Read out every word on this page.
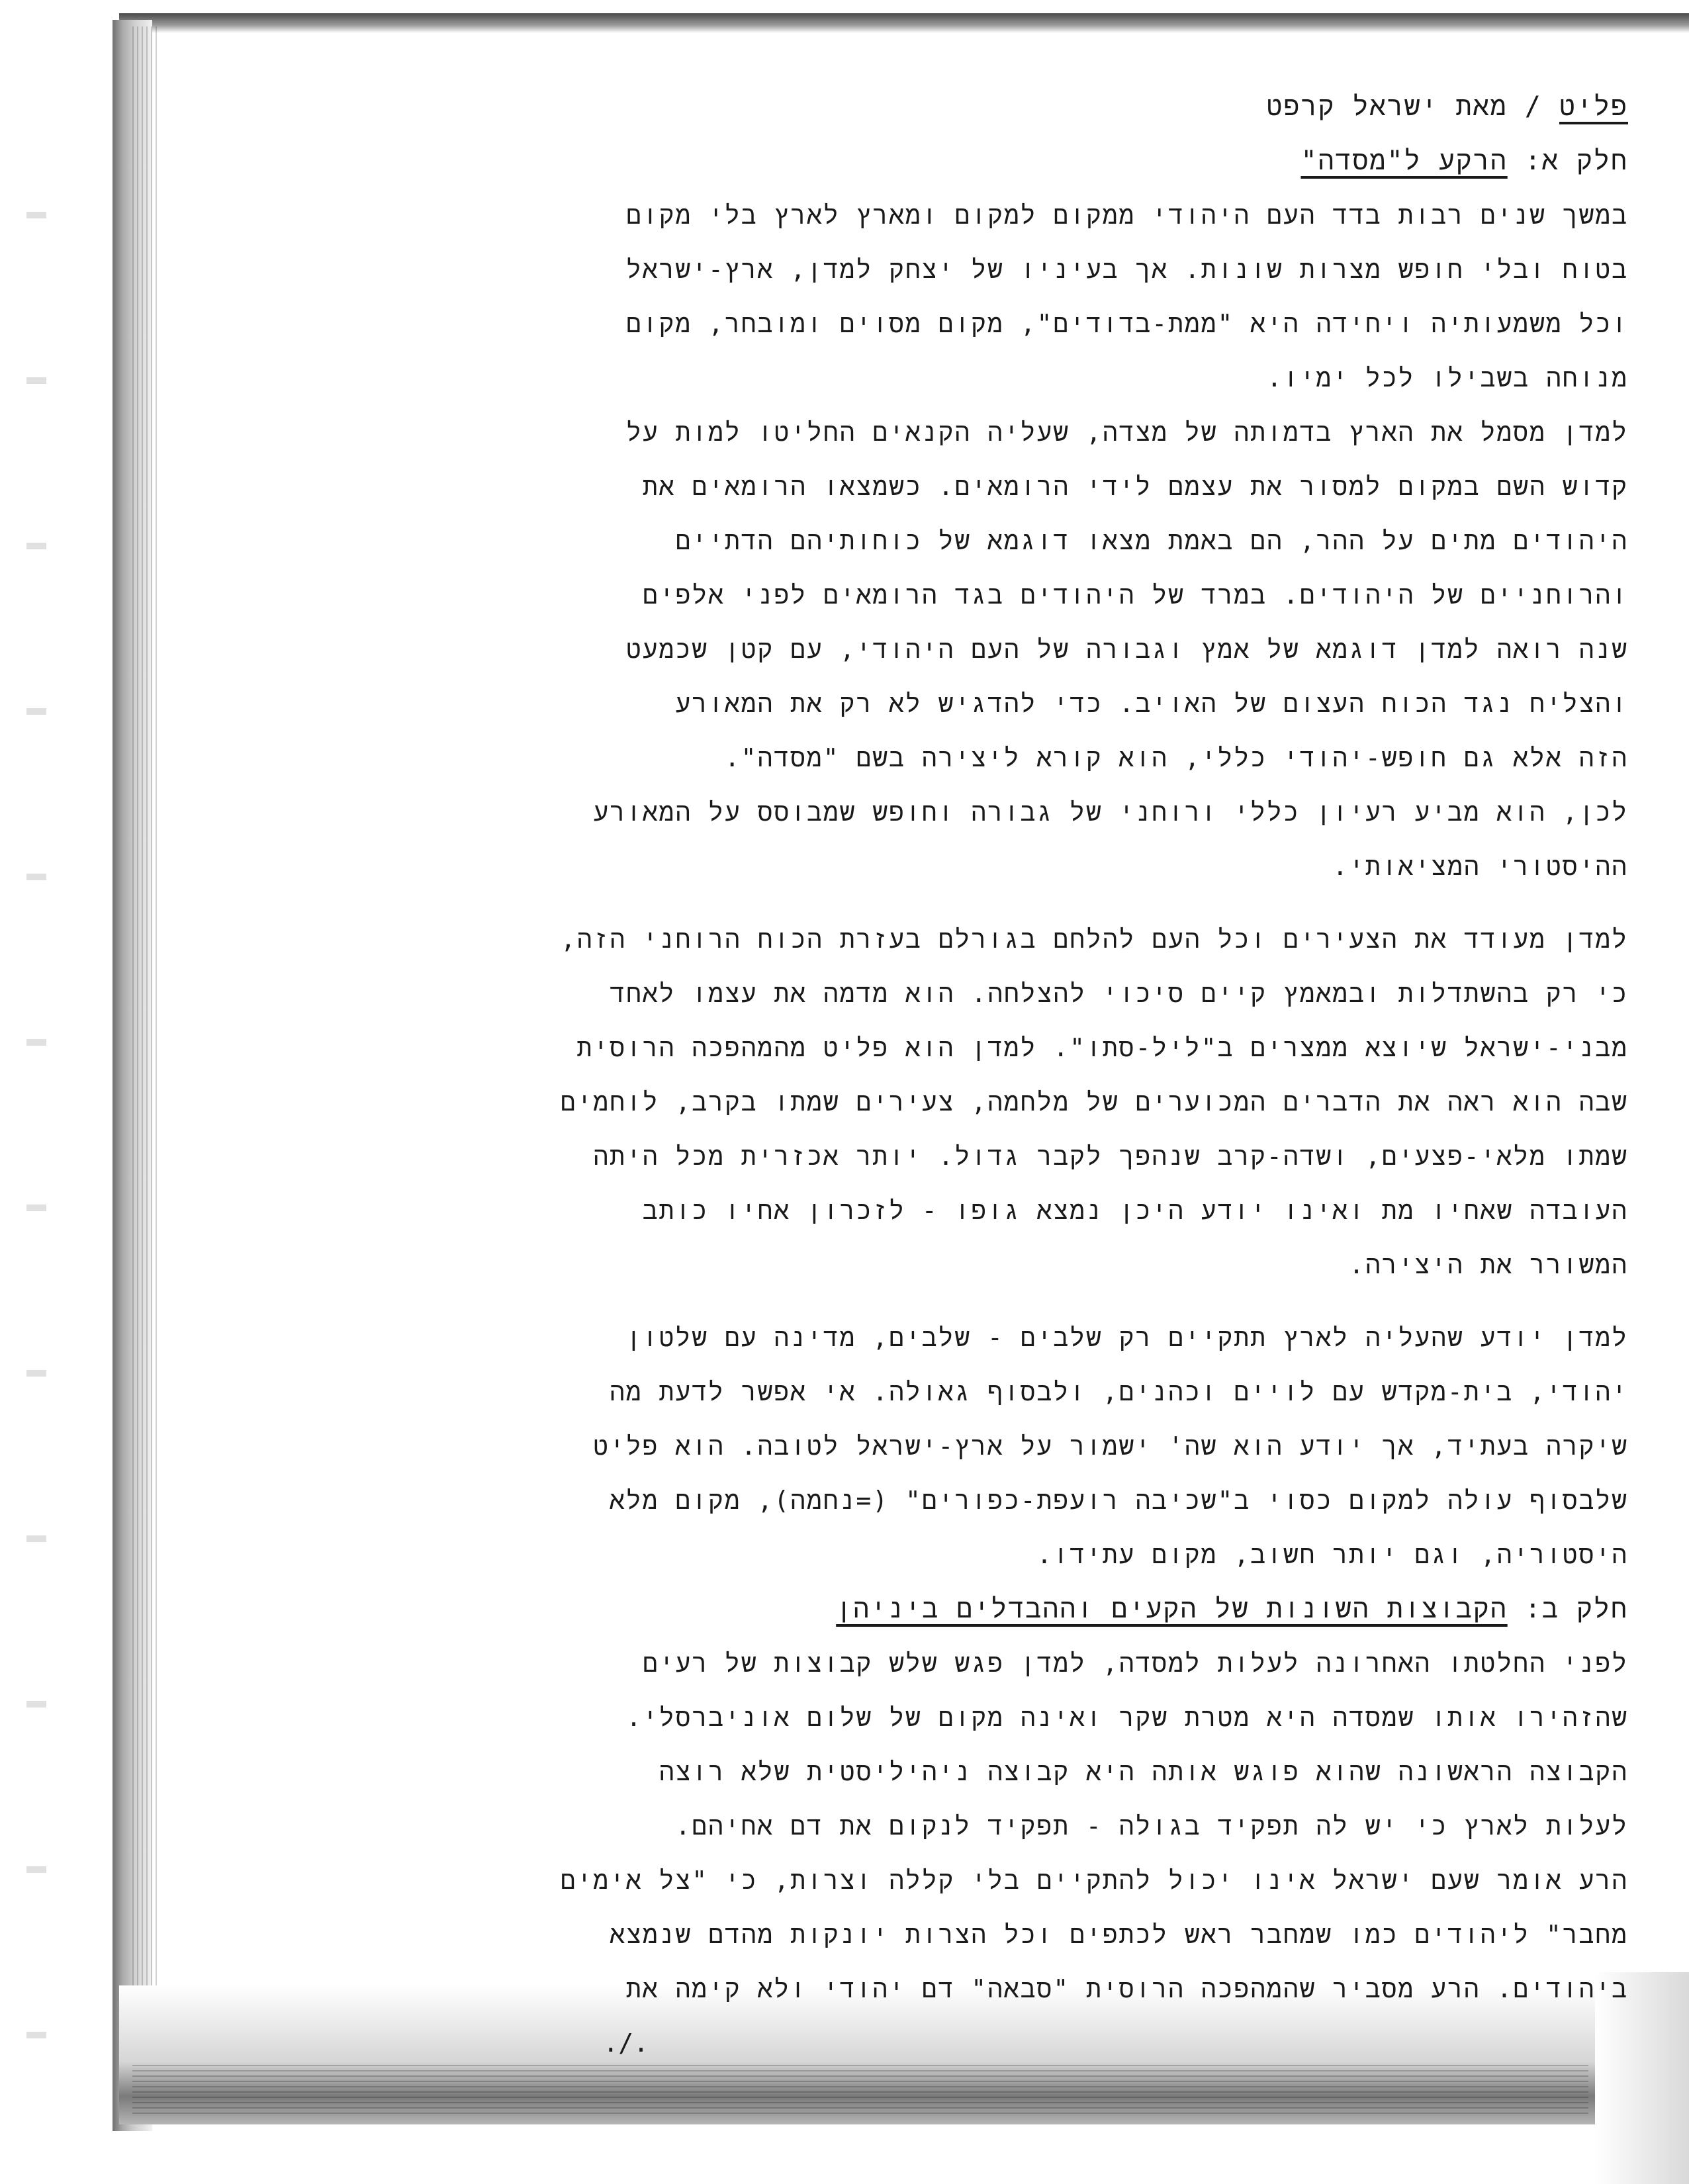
פליט / מאת ישראל קרפט
חלק א: הרקע ל"מסדה"
במשך שנים רבות בדד העם היהודי ממקום למקום ומארץ לארץ בלי מקום
בטוח ובלי חופש מצרות שונות. אך בעיניו של יצחק למדן, ארץ-ישראל
וכל משמעותיה ויחידה היא "ממת-בדודים", מקום מסוים ומובחר, מקום
מנוחה בשבילו לכל ימיו.
למדן מסמל את הארץ בדמותה של מצדה, שעליה הקנאים החליטו למות על
קדוש השם במקום למסור את עצמם לידי הרומאים. כשמצאו הרומאים את
היהודים מתים על ההר, הם באמת מצאו דוגמא של כוחותיהם הדתיים
והרוחניים של היהודים. במרד של היהודים בגד הרומאים לפני אלפים
שנה רואה למדן דוגמא של אמץ וגבורה של העם היהודי, עם קטן שכמעט
והצליח נגד הכוח העצום של האויב. כדי להדגיש לא רק את המאורע
הזה אלא גם חופש-יהודי כללי, הוא קורא ליצירה בשם "מסדה".
לכן, הוא מביע רעיון כללי ורוחני של גבורה וחופש שמבוסס על המאורע
ההיסטורי המציאותי.
למדן מעודד את הצעירים וכל העם להלחם בגורלם בעזרת הכוח הרוחני הזה,
כי רק בהשתדלות ובמאמץ קיים סיכוי להצלחה. הוא מדמה את עצמו לאחד
מבני-ישראל שיוצא ממצרים ב"ליל-סתו". למדן הוא פליט מהמהפכה הרוסית
שבה הוא ראה את הדברים המכוערים של מלחמה, צעירים שמתו בקרב, לוחמים
שמתו מלאי-פצעים, ושדה-קרב שנהפך לקבר גדול. יותר אכזרית מכל היתה
העובדה שאחיו מת ואינו יודע היכן נמצא גופו - לזכרון אחיו כותב
המשורר את היצירה.
למדן יודע שהעליה לארץ תתקיים רק שלבים - שלבים, מדינה עם שלטון
יהודי, בית-מקדש עם לויים וכהנים, ולבסוף גאולה. אי אפשר לדעת מה
שיקרה בעתיד, אך יודע הוא שה' ישמור על ארץ-ישראל לטובה. הוא פליט
שלבסוף עולה למקום כסוי ב"שכיבה רועפת-כפורים" (=נחמה), מקום מלא
היסטוריה, וגם יותר חשוב, מקום עתידו.
חלק ב: הקבוצות השונות של הקעים וההבדלים ביניהן
לפני החלטתו האחרונה לעלות למסדה, למדן פגש שלש קבוצות של רעים
שהזהירו אותו שמסדה היא מטרת שקר ואינה מקום של שלום אוניברסלי.
הקבוצה הראשונה שהוא פוגש אותה היא קבוצה ניהיליסטית שלא רוצה
לעלות לארץ כי יש לה תפקיד בגולה - תפקיד לנקום את דם אחיהם.
הרע אומר שעם ישראל אינו יכול להתקיים בלי קללה וצרות, כי "צל אימים
מחבר" ליהודים כמו שמחבר ראש לכתפים וכל הצרות יונקות מהדם שנמצא
ביהודים. הרע מסביר שהמהפכה הרוסית "סבאה" דם יהודי ולא קימה את
./.
